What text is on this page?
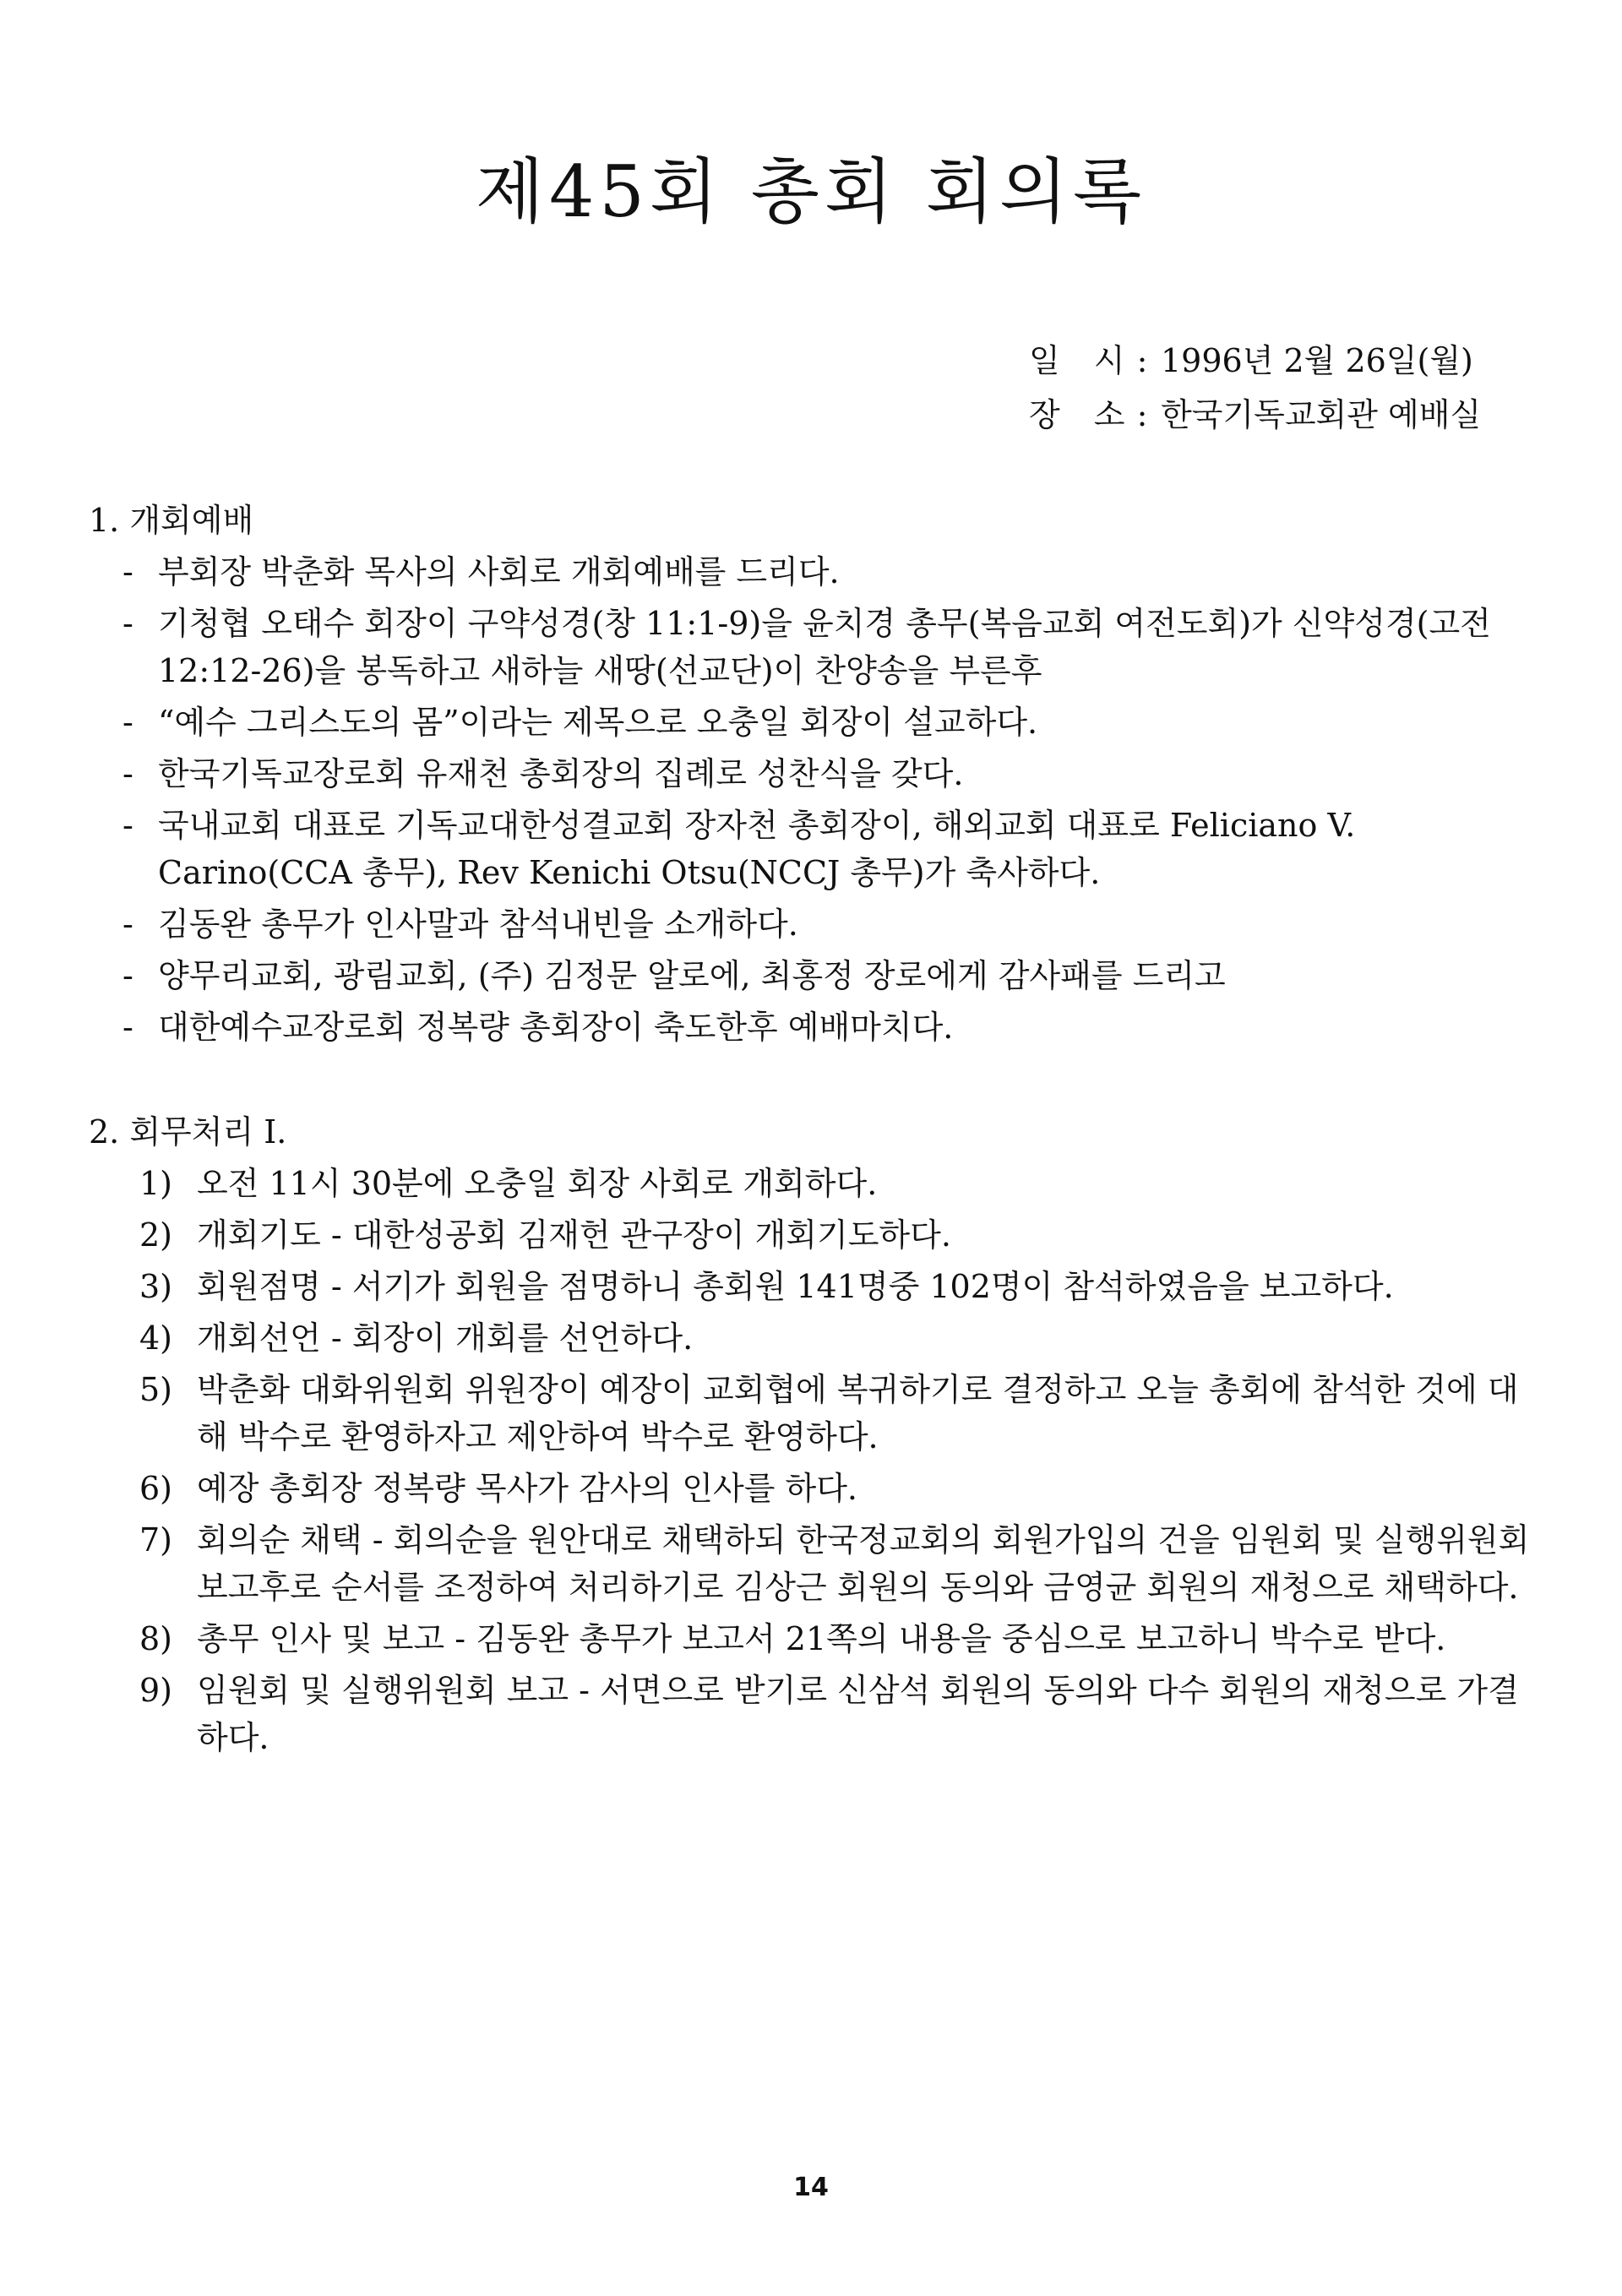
제45회 총회 회의록
일 시: 1996년 2월 26일(월)
장 소: 한국기독교회관 예배실
1. 개회예배
- 부회장 박춘화 목사의 사회로 개회예배를 드리다.
- 기청협 오태수 회장이 구약성경(창 11:1-9)을 윤치경 총무(복음교회 여전도회)가 신약성경(고전 12:12-26)을 봉독하고 새하늘 새땅(선교단)이 찬양송을 부른후
- “예수 그리스도의 몸”이라는 제목으로 오충일 회장이 설교하다.
- 한국기독교장로회 유재천 총회장의 집례로 성찬식을 갖다.
- 국내교회 대표로 기독교대한성결교회 장자천 총회장이, 해외교회 대표로 Feliciano V. Carino(CCA 총무), Rev Kenichi Otsu(NCCJ 총무)가 축사하다.
- 김동완 총무가 인사말과 참석내빈을 소개하다.
- 양무리교회, 광림교회, (주) 김정문 알로에, 최홍정 장로에게 감사패를 드리고
- 대한예수교장로회 정복량 총회장이 축도한후 예배마치다.
2. 회무처리 I.
1) 오전 11시 30분에 오충일 회장 사회로 개회하다.
2) 개회기도 - 대한성공회 김재헌 관구장이 개회기도하다.
3) 회원점명 - 서기가 회원을 점명하니 총회원 141명중 102명이 참석하였음을 보고하다.
4) 개회선언 - 회장이 개회를 선언하다.
5) 박춘화 대화위원회 위원장이 예장이 교회협에 복귀하기로 결정하고 오늘 총회에 참석한 것에 대해 박수로 환영하자고 제안하여 박수로 환영하다.
6) 예장 총회장 정복량 목사가 감사의 인사를 하다.
7) 회의순 채택 - 회의순을 원안대로 채택하되 한국정교회의 회원가입의 건을 임원회 및 실행위원회 보고후로 순서를 조정하여 처리하기로 김상근 회원의 동의와 금영균 회원의 재청으로 채택하다.
8) 총무 인사 및 보고 - 김동완 총무가 보고서 21쪽의 내용을 중심으로 보고하니 박수로 받다.
9) 임원회 및 실행위원회 보고 - 서면으로 받기로 신삼석 회원의 동의와 다수 회원의 재청으로 가결하다.
14
